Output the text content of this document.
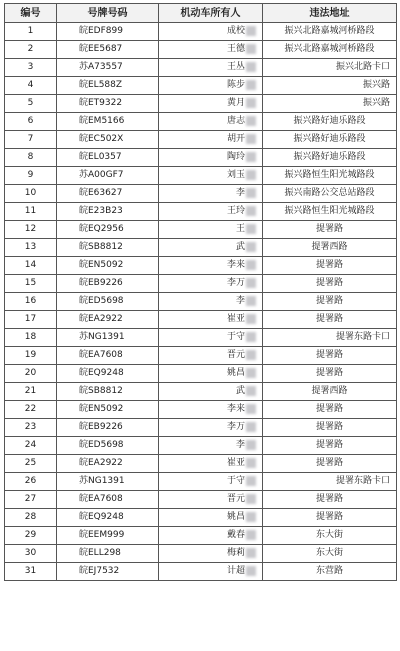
编号	号牌号码	机动车所有人	违法地址
1	皖EDF899	成校	振兴北路嘉城河桥路段
2	皖EE5687	王德	振兴北路嘉城河桥路段
3	苏A73557	王丛	振兴北路卡口
4	皖EL588Z	陈步	振兴路
5	皖ET9322	黄月	振兴路
6	皖EM5166	唐志	振兴路好迪乐路段
7	皖EC502X	胡开	振兴路好迪乐路段
8	皖EL0357	陶玲	振兴路好迪乐路段
9	苏A00GF7	刘玉	振兴路恒生阳光城路段
10	皖E63627	李	振兴南路公交总站路段
11	皖E23B23	王玲	振兴路恒生阳光城路段
12	皖EQ2956	王	提署路
13	皖SB8812	武	提署西路
14	皖EN5092	李来	提署路
15	皖EB9226	李万	提署路
16	皖ED5698	李	提署路
17	皖EA2922	崔亚	提署路
18	苏NG1391	于守	提署东路卡口
19	皖EA7608	晋元	提署路
20	皖EQ9248	姚昌	提署路
21	皖SB8812	武	提署西路
22	皖EN5092	李来	提署路
23	皖EB9226	李万	提署路
24	皖ED5698	李	提署路
25	皖EA2922	崔亚	提署路
26	苏NG1391	于守	提署东路卡口
27	皖EA7608	晋元	提署路
28	皖EQ9248	姚昌	提署路
29	皖EEM999	戴春	东大街
30	皖ELL298	梅莉	东大街
31	皖EJ7532	计超	东营路
